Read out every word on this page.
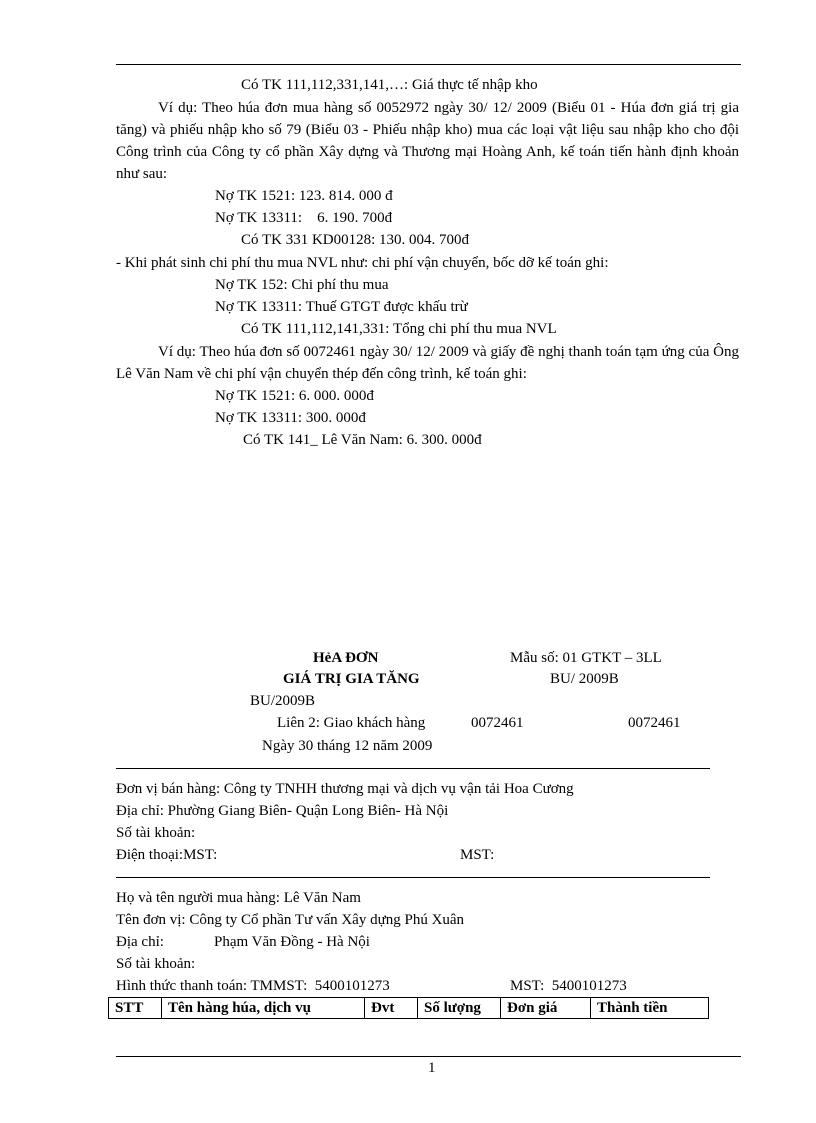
Có TK 111,112,331,141,…: Giá thực tế nhập kho
Ví dụ: Theo húa đơn mua hàng số 0052972 ngày 30/ 12/ 2009 (Biểu 01 - Húa đơn giá trị gia tăng) và phiếu nhập kho số 79 (Biểu 03 - Phiếu nhập kho) mua các loại vật liệu sau nhập kho cho đội Công trình của Công ty cổ phần Xây dựng và Thương mại Hoàng Anh, kế toán tiến hành định khoản như sau:
Nợ TK 1521: 123. 814. 000 đ
Nợ TK 13311:    6. 190. 700đ
Có TK 331 KD00128: 130. 004. 700đ
- Khi phát sinh chi phí thu mua NVL như: chi phí vận chuyển, bốc dỡ kế toán ghi:
Nợ TK 152: Chi phí thu mua
Nợ TK 13311: Thuế GTGT được khấu trừ
Có TK 111,112,141,331: Tổng chi phí thu mua NVL
Ví dụ: Theo húa đơn số 0072461 ngày 30/ 12/ 2009 và giấy đề nghị thanh toán tạm ứng của Ông Lê Văn Nam về chi phí vận chuyển thép đến công trình, kế toán ghi:
Nợ TK 1521: 6. 000. 000đ
Nợ TK 13311: 300. 000đ
Có TK 141_ Lê Văn Nam: 6. 300. 000đ
HẻA ĐƠN	Mẫu số: 01 GTKT – 3LL
GIÁ TRỊ GIA TĂNG	BU/ 2009B
BU/2009B
Liên 2: Giao khách hàng	0072461	0072461
Ngày 30 tháng 12 năm 2009
Đơn vị bán hàng: Công ty TNHH thương mại và dịch vụ vận tải Hoa Cương
Địa chỉ: Phường Giang Biên- Quận Long Biên- Hà Nội
Số tài khoản:
Điện thoại:MST:	MST:
Họ và tên người mua hàng: Lê Văn Nam
Tên đơn vị: Công ty Cổ phần Tư vấn Xây dựng Phú Xuân
Địa chỉ:	Phạm Văn Đồng - Hà Nội
Số tài khoản:
Hình thức thanh toán: TMMST:  5400101273	MST:  5400101273
STT	Tên hàng húa, dịch vụ	Đvt	Số lượng	Đơn giá	Thành tiền
1
